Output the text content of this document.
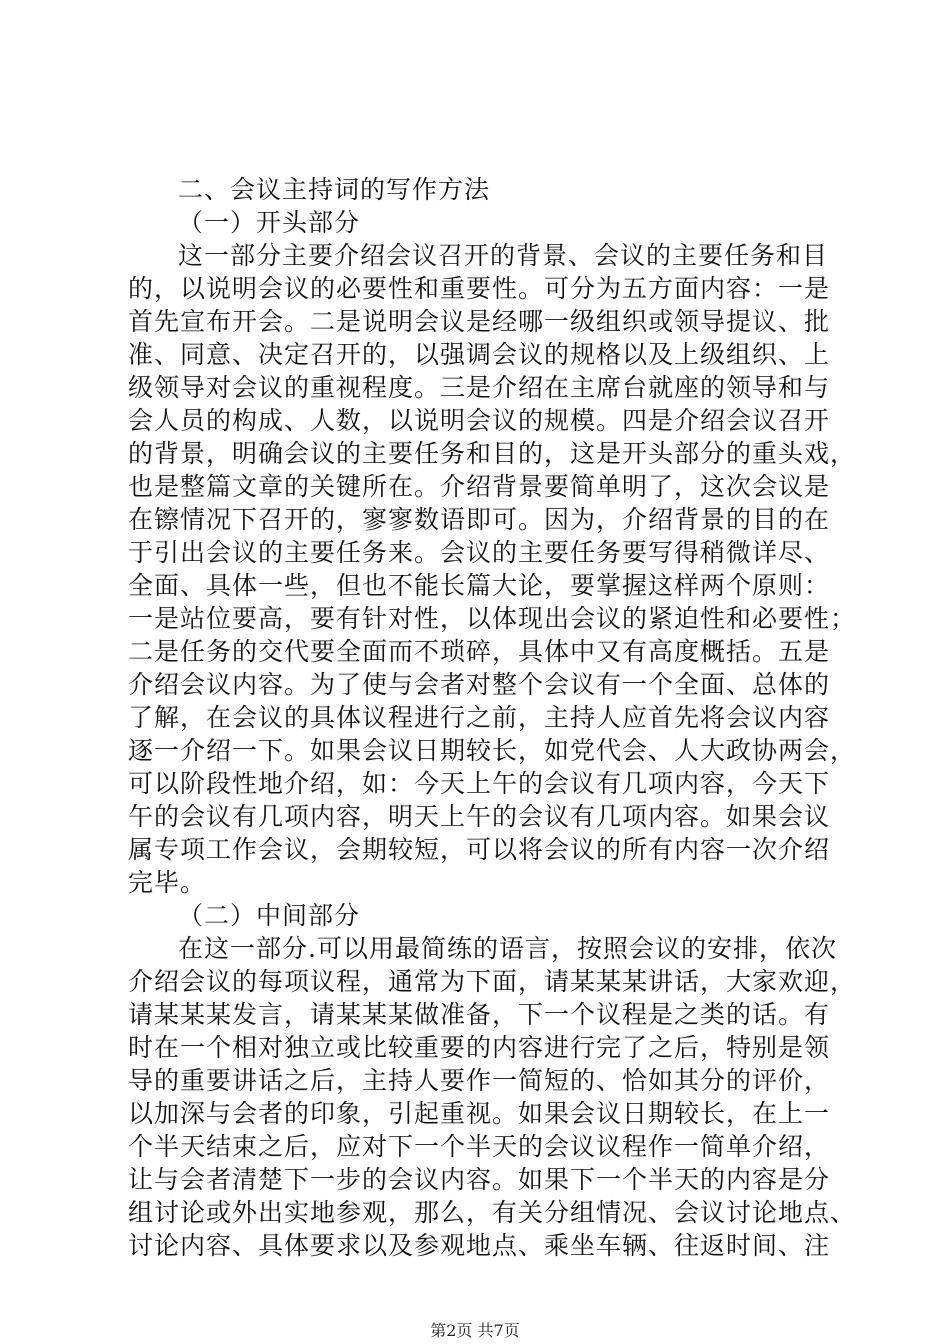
二、会议主持词的写作方法
（一）开头部分
这一部分主要介绍会议召开的背景、会议的主要任务和目
的，以说明会议的必要性和重要性。可分为五方面内容：一是
首先宣布开会。二是说明会议是经哪一级组织或领导提议、批
准、同意、决定召开的，以强调会议的规格以及上级组织、上
级领导对会议的重视程度。三是介绍在主席台就座的领导和与
会人员的构成、人数，以说明会议的规模。四是介绍会议召开
的背景，明确会议的主要任务和目的，这是开头部分的重头戏，
也是整篇文章的关键所在。介绍背景要简单明了，这次会议是
在镲情况下召开的，寥寥数语即可。因为，介绍背景的目的在
于引出会议的主要任务来。会议的主要任务要写得稍微详尽、
全面、具体一些，但也不能长篇大论，要掌握这样两个原则：
一是站位要高，要有针对性，以体现出会议的紧迫性和必要性；
二是任务的交代要全面而不琐碎，具体中又有高度概括。五是
介绍会议内容。为了使与会者对整个会议有一个全面、总体的
了解，在会议的具体议程进行之前，主持人应首先将会议内容
逐一介绍一下。如果会议日期较长，如党代会、人大政协两会，
可以阶段性地介绍，如：今天上午的会议有几项内容，今天下
午的会议有几项内容，明天上午的会议有几项内容。如果会议
属专项工作会议，会期较短，可以将会议的所有内容一次介绍
完毕。
（二）中间部分
在这一部分.可以用最简练的语言，按照会议的安排，依次
介绍会议的每项议程，通常为下面，请某某某讲话，大家欢迎，
请某某某发言，请某某某做准备，下一个议程是之类的话。有
时在一个相对独立或比较重要的内容进行完了之后，特别是领
导的重要讲话之后，主持人要作一简短的、恰如其分的评价，
以加深与会者的印象，引起重视。如果会议日期较长，在上一
个半天结束之后，应对下一个半天的会议议程作一简单介绍，
让与会者清楚下一步的会议内容。如果下一个半天的内容是分
组讨论或外出实地参观，那么，有关分组情况、会议讨论地点、
讨论内容、具体要求以及参观地点、乘坐车辆、往返时间、注
第2页 共7页
